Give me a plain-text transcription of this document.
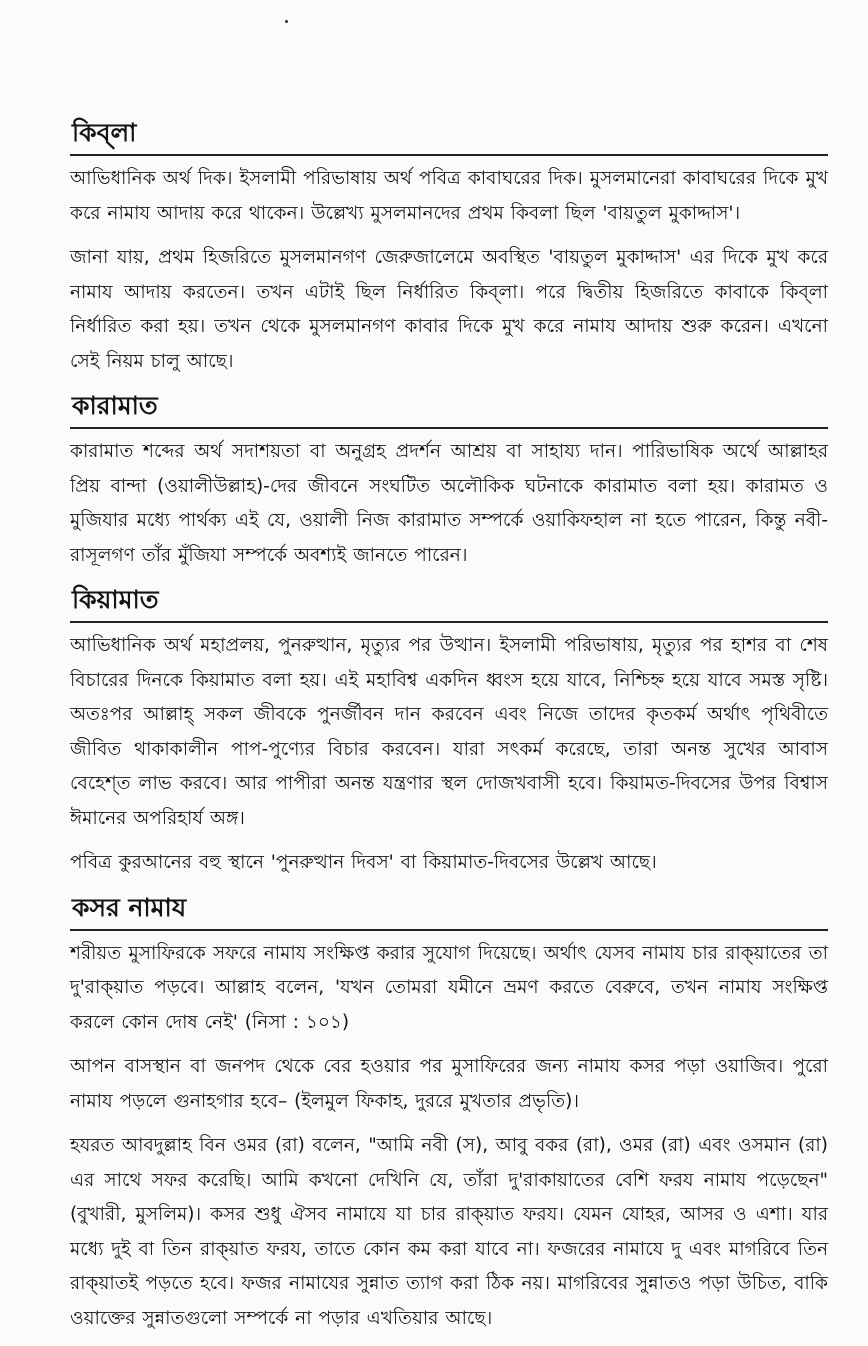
কিব্‌লা

আভিধানিক অর্থ দিক। ইসলামী পরিভাষায় অর্থ পবিত্র কাবাঘরের দিক। মুসলমানেরা কাবাঘরের দিকে মুখ করে নামায আদায় করে থাকেন। উল্লেখ্য মুসলমানদের প্রথম কিবলা ছিল 'বায়তুল মুকাদ্দাস'।

জানা যায়, প্রথম হিজরিতে মুসলমানগণ জেরুজালেমে অবস্থিত 'বায়তুল মুকাদ্দাস' এর দিকে মুখ করে নামায আদায় করতেন। তখন এটাই ছিল নির্ধারিত কিব্‌লা। পরে দ্বিতীয় হিজরিতে কাবাকে কিব্‌লা নির্ধারিত করা হয়। তখন থেকে মুসলমানগণ কাবার দিকে মুখ করে নামায আদায় শুরু করেন। এখনো সেই নিয়ম চালু আছে।

কারামাত

কারামাত শব্দের অর্থ সদাশয়তা বা অনুগ্রহ প্রদর্শন আশ্রয় বা সাহায্য দান। পারিভাষিক অর্থে আল্লাহর প্রিয় বান্দা (ওয়ালীউল্লাহ)-দের জীবনে সংঘটিত অলৌকিক ঘটনাকে কারামাত বলা হয়। কারামত ও মুজিযার মধ্যে পার্থক্য এই যে, ওয়ালী নিজ কারামাত সম্পর্কে ওয়াকিফহাল না হতে পারেন, কিন্তু নবী-রাসূলগণ তাঁর মুঁজিযা সম্পর্কে অবশ্যই জানতে পারেন।

কিয়ামাত

আভিধানিক অর্থ মহাপ্রলয়, পুনরুত্থান, মৃত্যুর পর উত্থান। ইসলামী পরিভাষায়, মৃত্যুর পর হাশর বা শেষ বিচারের দিনকে কিয়ামাত বলা হয়। এই মহাবিশ্ব একদিন ধ্বংস হয়ে যাবে, নিশ্চিহ্ন হয়ে যাবে সমস্ত সৃষ্টি। অতঃপর আল্লাহ্‌ সকল জীবকে পুনর্জীবন দান করবেন এবং নিজে তাদের কৃতকর্ম অর্থাৎ পৃথিবীতে জীবিত থাকাকালীন পাপ-পুণ্যের বিচার করবেন। যারা সৎকর্ম করেছে, তারা অনন্ত সুখের আবাস বেহেশ্‌ত লাভ করবে। আর পাপীরা অনন্ত যন্ত্রণার স্থল দোজখবাসী হবে। কিয়ামত-দিবসের উপর বিশ্বাস ঈমানের অপরিহার্য অঙ্গ।

পবিত্র কুরআনের বহু স্থানে 'পুনরুত্থান দিবস' বা কিয়ামাত-দিবসের উল্লেখ আছে।

কসর নামায

শরীয়ত মুসাফিরকে সফরে নামায সংক্ষিপ্ত করার সুযোগ দিয়েছে। অর্থাৎ যেসব নামায চার রাক্‌য়াতের তা দু'রাক্‌য়াত পড়বে। আল্লাহ বলেন, 'যখন তোমরা যমীনে ভ্রমণ করতে বেরুবে, তখন নামায সংক্ষিপ্ত করলে কোন দোষ নেই' (নিসা : ১০১)

আপন বাসস্থান বা জনপদ থেকে বের হওয়ার পর মুসাফিরের জন্য নামায কসর পড়া ওয়াজিব। পুরো নামায পড়লে গুনাহগার হবে– (ইলমুল ফিকাহ, দুররে মুখতার প্রভৃতি)।

হযরত আবদুল্লাহ বিন ওমর (রা) বলেন, "আমি নবী (স), আবু বকর (রা), ওমর (রা) এবং ওসমান (রা) এর সাথে সফর করেছি। আমি কখনো দেখিনি যে, তাঁরা দু'রাকায়াতের বেশি ফরয নামায পড়েছেন" (বুখারী, মুসলিম)। কসর শুধু ঐসব নামাযে যা চার রাক্‌য়াত ফরয। যেমন যোহর, আসর ও এশা। যার মধ্যে দুই বা তিন রাক্‌য়াত ফরয, তাতে কোন কম করা যাবে না। ফজরের নামাযে দু এবং মাগরিবে তিন রাক্‌য়াতই পড়তে হবে। ফজর নামাযের সুন্নাত ত্যাগ করা ঠিক নয়। মাগরিবের সুন্নাতও পড়া উচিত, বাকি ওয়াক্তের সুন্নাতগুলো সম্পর্কে না পড়ার এখতিয়ার আছে।
